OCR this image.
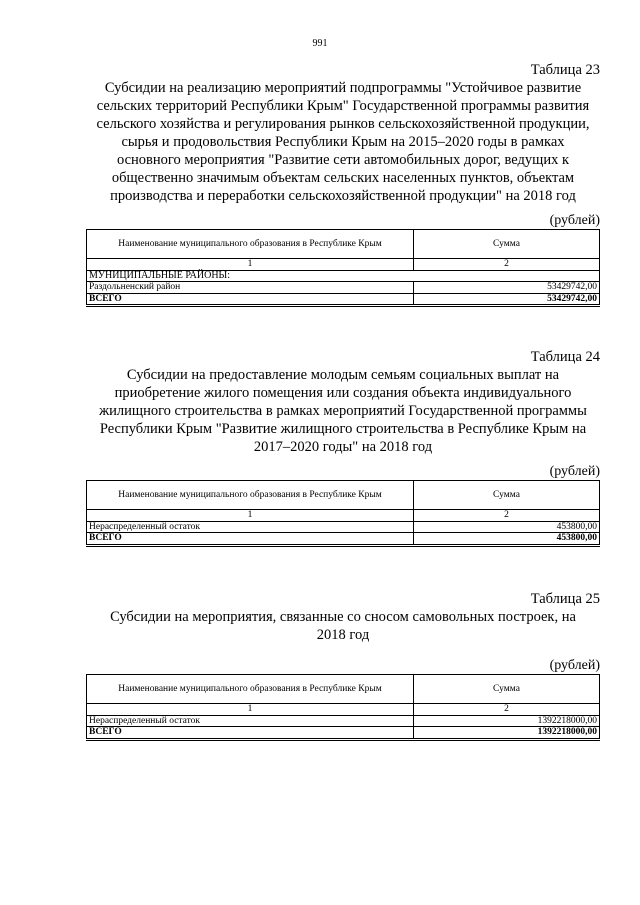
991
Таблица 23

Субсидии на реализацию мероприятий подпрограммы "Устойчивое развитие сельских территорий Республики Крым" Государственной программы развития сельского хозяйства и регулирования рынков сельскохозяйственной продукции, сырья и продовольствия Республики Крым на 2015–2020 годы в рамках основного мероприятия "Развитие сети автомобильных дорог, ведущих к общественно значимым объектам сельских населенных пунктов, объектам производства и переработки сельскохозяйственной продукции" на 2018 год

(рублей)
Наименование муниципального образования в Республике Крым	Сумма
1	2
МУНИЦИПАЛЬНЫЕ РАЙОНЫ:	
Раздольненский район	53429742,00
ВСЕГО	53429742,00
Таблица 24

Субсидии на предоставление молодым семьям социальных выплат на приобретение жилого помещения или создания объекта индивидуального жилищного строительства в рамках мероприятий Государственной программы Республики Крым "Развитие жилищного строительства в Республике Крым на 2017–2020 годы" на 2018 год

(рублей)
Наименование муниципального образования в Республике Крым	Сумма
1	2
Нераспределенный остаток	453800,00
ВСЕГО	453800,00
Таблица 25

Субсидии на мероприятия, связанные со сносом самовольных построек, на 2018 год

(рублей)
Наименование муниципального образования в Республике Крым	Сумма
1	2
Нераспределенный остаток	1392218000,00
ВСЕГО	1392218000,00
